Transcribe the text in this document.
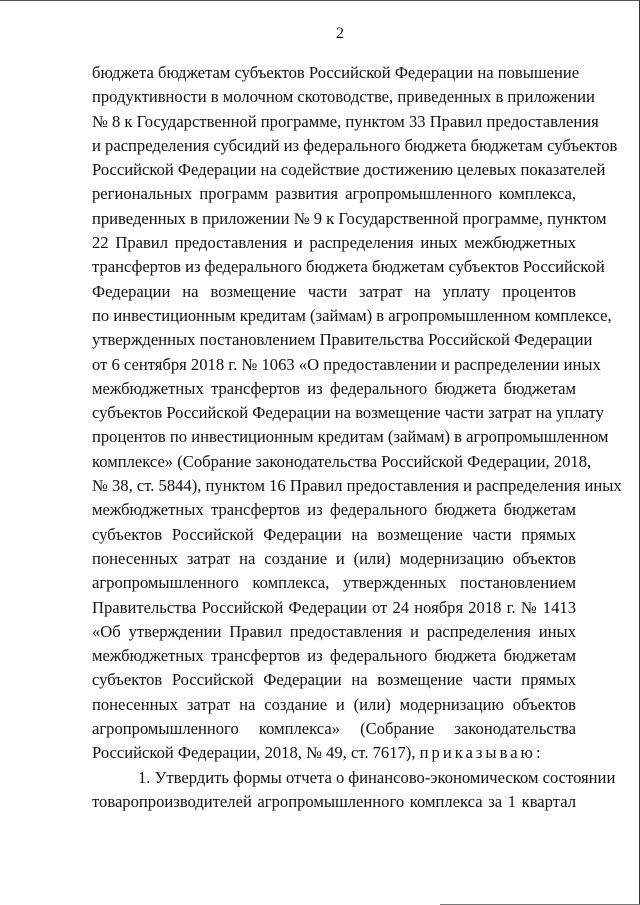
2
бюджета бюджетам субъектов Российской Федерации на повышение
продуктивности в молочном скотоводстве, приведенных в приложении
№ 8 к Государственной программе, пунктом 33 Правил предоставления
и распределения субсидий из федерального бюджета бюджетам субъектов
Российской Федерации на содействие достижению целевых показателей
региональных программ развития агропромышленного комплекса,
приведенных в приложении № 9 к Государственной программе, пунктом
22 Правил предоставления и распределения иных межбюджетных
трансфертов из федерального бюджета бюджетам субъектов Российской
Федерации на возмещение части затрат на уплату процентов
по инвестиционным кредитам (займам) в агропромышленном комплексе,
утвержденных постановлением Правительства Российской Федерации
от 6 сентября 2018 г. № 1063 «О предоставлении и распределении иных
межбюджетных трансфертов из федерального бюджета бюджетам
субъектов Российской Федерации на возмещение части затрат на уплату
процентов по инвестиционным кредитам (займам) в агропромышленном
комплексе» (Собрание законодательства Российской Федерации, 2018,
№ 38, ст. 5844), пунктом 16 Правил предоставления и распределения иных
межбюджетных трансфертов из федерального бюджета бюджетам
субъектов Российской Федерации на возмещение части прямых
понесенных затрат на создание и (или) модернизацию объектов
агропромышленного комплекса, утвержденных постановлением
Правительства Российской Федерации от 24 ноября 2018 г. № 1413
«Об утверждении Правил предоставления и распределения иных
межбюджетных трансфертов из федерального бюджета бюджетам
субъектов Российской Федерации на возмещение части прямых
понесенных затрат на создание и (или) модернизацию объектов
агропромышленного комплекса» (Собрание законодательства
Российской Федерации, 2018, № 49, ст. 7617), приказываю:
1. Утвердить формы отчета о финансово-экономическом состоянии
товаропроизводителей агропромышленного комплекса за 1 квартал
